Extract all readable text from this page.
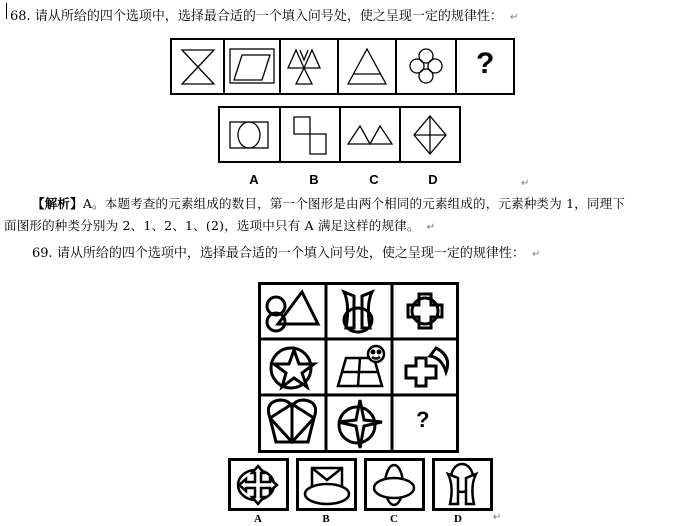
68. 请从所给的四个选项中，选择最合适的一个填入问号处，使之呈现一定的规律性： ↵
?
A	B	C	D	↵
【解析】A。本题考查的元素组成的数目，第一个图形是由两个相同的元素组成的，元素种类为 1，同理下
面图形的种类分别为 2、1、2、1、(2)，选项中只有 A 满足这样的规律。 ↵
69. 请从所给的四个选项中，选择最合适的一个填入问号处，使之呈现一定的规律性： ↵
?
A	B	C	D	↵
